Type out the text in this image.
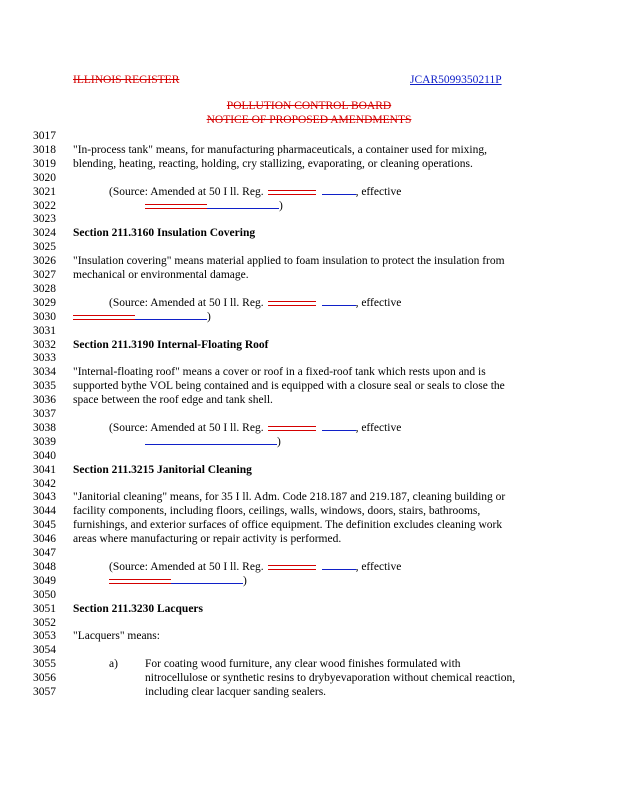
ILLINOIS REGISTER	JCAR5099350211P
POLLUTION CONTROL BOARD
NOTICE OF PROPOSED AMENDMENTS
3017
3018	"In-process tank" means, for manufacturing pharmaceuticals, a container used for mixing,
3019	blending, heating, reacting, holding, cry stallizing, evaporating, or cleaning operations.
3020
3021	(Source: Amended at 50 I ll. Reg.	, effective
3022	)
3023
3024	Section 211.3160 Insulation Covering
3025
3026	"Insulation covering" means material applied to foam insulation to protect the insulation from
3027	mechanical or environmental damage.
3028
3029	(Source: Amended at 50 I ll. Reg.	, effective
3030	)
3031
3032	Section 211.3190 Internal-Floating Roof
3033
3034	"Internal-floating roof" means a cover or roof in a fixed-roof tank which rests upon and is
3035	supported bythe VOL being contained and is equipped with a closure seal or seals to close the
3036	space between the roof edge and tank shell.
3037
3038	(Source: Amended at 50 I ll. Reg.	, effective
3039	)
3040
3041	Section 211.3215 Janitorial Cleaning
3042
3043	"Janitorial cleaning" means, for 35 I ll. Adm. Code 218.187 and 219.187, cleaning building or
3044	facility components, including floors, ceilings, walls, windows, doors, stairs, bathrooms,
3045	furnishings, and exterior surfaces of office equipment. The definition excludes cleaning work
3046	areas where manufacturing or repair activity is performed.
3047
3048	(Source: Amended at 50 I ll. Reg.	, effective
3049	)
3050
3051	Section 211.3230 Lacquers
3052
3053	"Lacquers" means:
3054
3055	a) For coating wood furniture, any clear wood finishes formulated with
3056	nitrocellulose or synthetic resins to drybyevaporation without chemical reaction,
3057	including clear lacquer sanding sealers.
